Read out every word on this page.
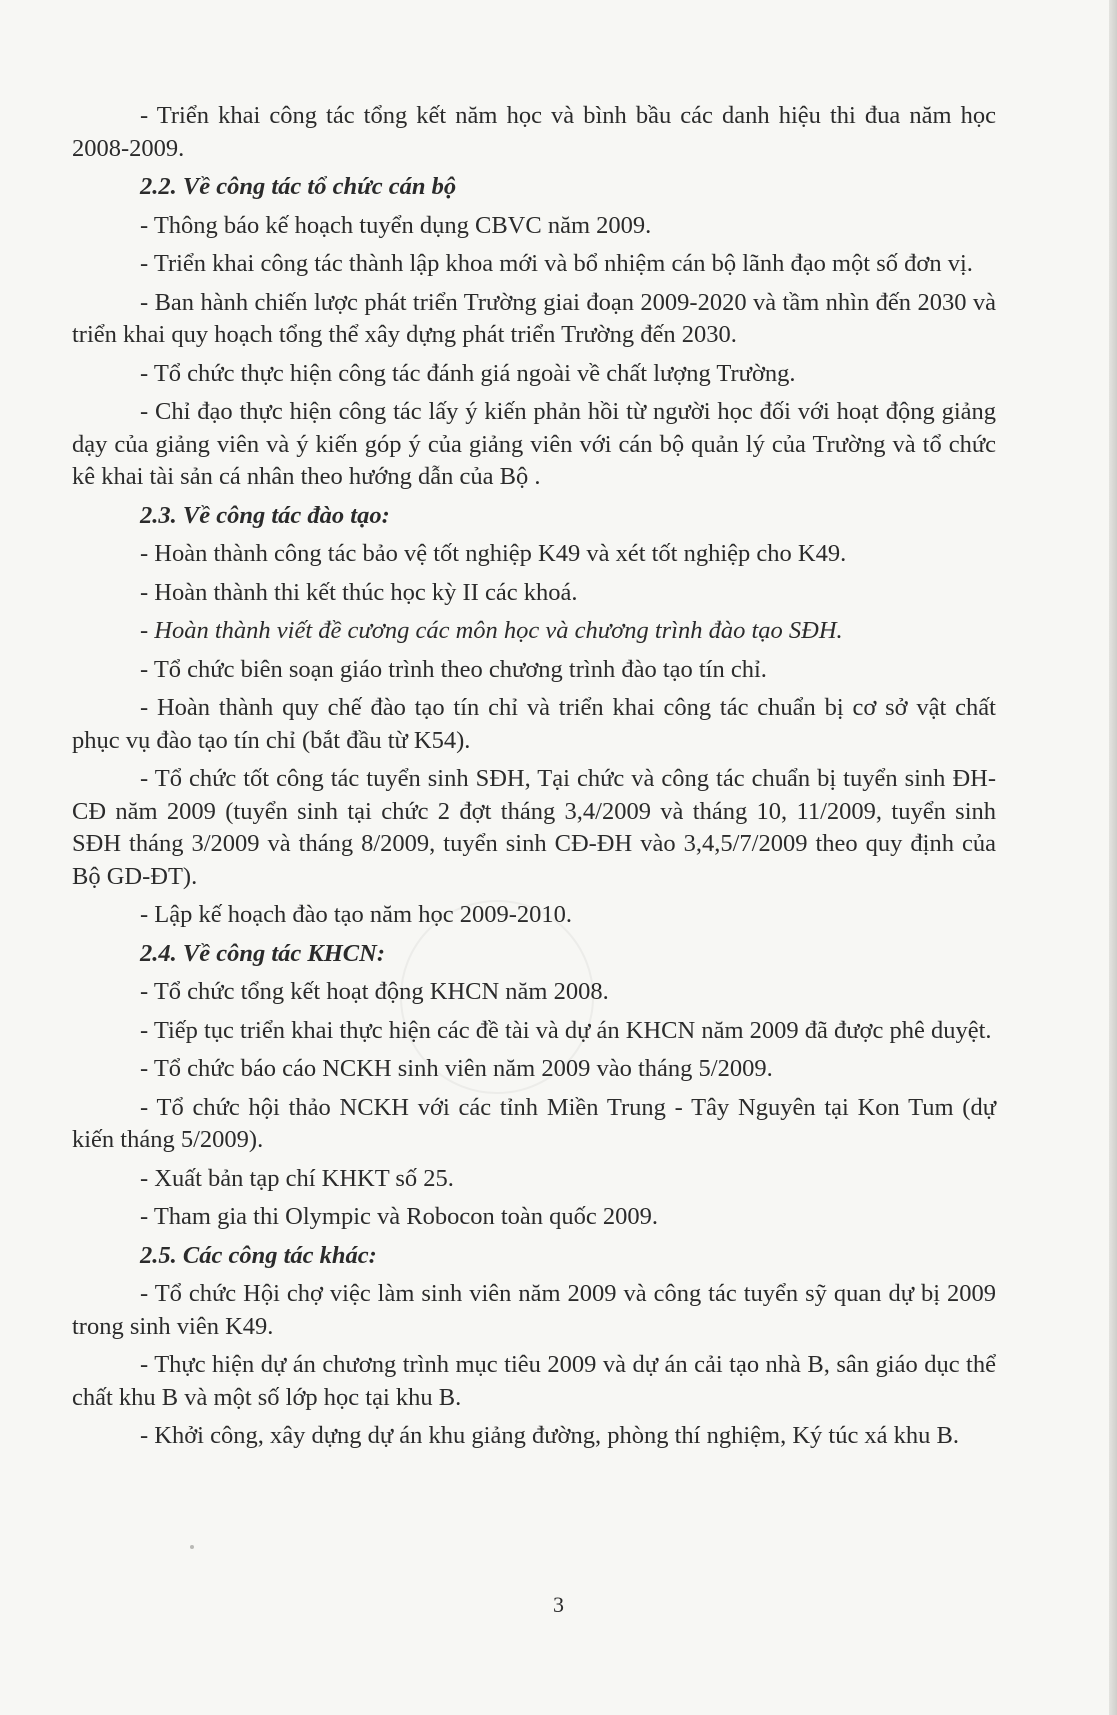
- Triển khai công tác tổng kết năm học và bình bầu các danh hiệu thi đua năm học 2008-2009.

2.2. Về công tác tổ chức cán bộ

- Thông báo kế hoạch tuyển dụng CBVC năm 2009.

- Triển khai công tác thành lập khoa mới và bổ nhiệm cán bộ lãnh đạo một số đơn vị.

- Ban hành chiến lược phát triển Trường giai đoạn 2009-2020 và tầm nhìn đến 2030 và triển khai quy hoạch tổng thể xây dựng phát triển Trường đến 2030.

- Tổ chức thực hiện công tác đánh giá ngoài về chất lượng Trường.

- Chỉ đạo thực hiện công tác lấy ý kiến phản hồi từ người học đối với hoạt động giảng dạy của giảng viên và ý kiến góp ý của giảng viên với cán bộ quản lý của Trường và tổ chức kê khai tài sản cá nhân theo hướng dẫn của Bộ .

2.3. Về công tác đào tạo:

- Hoàn thành công tác bảo vệ tốt nghiệp K49 và xét tốt nghiệp cho K49.

- Hoàn thành thi kết thúc học kỳ II các khoá.

- Hoàn thành viết đề cương các môn học và chương trình đào tạo SĐH.

- Tổ chức biên soạn giáo trình theo chương trình đào tạo tín chỉ.

- Hoàn thành quy chế đào tạo tín chỉ và triển khai công tác chuẩn bị cơ sở vật chất phục vụ đào tạo tín chỉ (bắt đầu từ K54).

- Tổ chức tốt công tác tuyển sinh SĐH, Tại chức và công tác chuẩn bị tuyển sinh ĐH-CĐ năm 2009 (tuyển sinh tại chức 2 đợt tháng 3,4/2009 và tháng 10, 11/2009, tuyển sinh SĐH tháng 3/2009 và tháng 8/2009, tuyển sinh CĐ-ĐH vào 3,4,5/7/2009 theo quy định của Bộ GD-ĐT).

- Lập kế hoạch đào tạo năm học 2009-2010.

2.4. Về công tác KHCN:

- Tổ chức tổng kết hoạt động KHCN năm 2008.

- Tiếp tục triển khai thực hiện các đề tài và dự án KHCN năm 2009 đã được phê duyệt.

- Tổ chức báo cáo NCKH sinh viên năm 2009 vào tháng 5/2009.

- Tổ chức hội thảo NCKH với các tỉnh Miền Trung - Tây Nguyên tại Kon Tum (dự kiến tháng 5/2009).

- Xuất bản tạp chí KHKT số 25.

- Tham gia thi Olympic và Robocon toàn quốc 2009.

2.5. Các công tác khác:

- Tổ chức Hội chợ việc làm sinh viên năm 2009 và công tác tuyển sỹ quan dự bị 2009 trong sinh viên K49.

- Thực hiện dự án chương trình mục tiêu 2009 và dự án cải tạo nhà B, sân giáo dục thể chất khu B và một số lớp học tại khu B.

- Khởi công, xây dựng dự án khu giảng đường, phòng thí nghiệm, Ký túc xá khu B.

3
